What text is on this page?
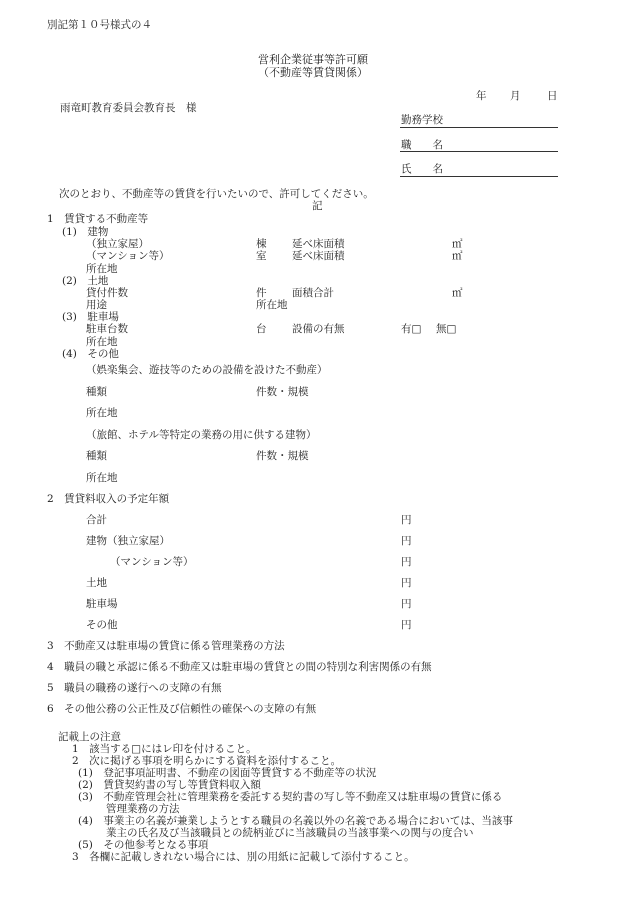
別記第１０号様式の４
営利企業従事等許可願
（不動産等賃貸関係）
年 月	日
雨竜町教育委員会教育長　様
勤務学校
職　　名
氏　　名
次のとおり、不動産等の賃貸を行いたいので、許可してください。
記
1　賃貸する不動産等
(1)　建物
（独立家屋）	棟 延べ床面積	㎡
（マンション等）	室 延べ床面積	㎡
所在地
(2)　土地
貸付件数	件 面積合計	㎡
用途	所在地
(3)　駐車場
駐車台数	台 設備の有無	有□ 無□
所在地
(4)　その他
（娯楽集会、遊技等のための設備を設けた不動産）
種類	件数・規模
所在地
（旅館、ホテル等特定の業務の用に供する建物）
種類	件数・規模
所在地
2　賃貸料収入の予定年額
合計	円
建物（独立家屋）	円
（マンション等）	円
土地	円
駐車場	円
その他	円
3　不動産又は駐車場の賃貸に係る管理業務の方法
4　職員の職と承認に係る不動産又は駐車場の賃貸との間の特別な利害関係の有無
5　職員の職務の遂行への支障の有無
6　その他公務の公正性及び信頼性の確保への支障の有無
記載上の注意
1　該当する□にはレ印を付けること。
2　次に掲げる事項を明らかにする資料を添付すること。
(1)　登記事項証明書、不動産の図面等賃貸する不動産等の状況
(2)　賃貸契約書の写し等賃貸料収入額
(3)　不動産管理会社に管理業務を委託する契約書の写し等不動産又は駐車場の賃貸に係る
管理業務の方法
(4)　事業主の名義が兼業しようとする職員の名義以外の名義である場合においては、当該事
業主の氏名及び当該職員との続柄並びに当該職員の当該事業への関与の度合い
(5)　その他参考となる事項
3　各欄に記載しきれない場合には、別の用紙に記載して添付すること。
